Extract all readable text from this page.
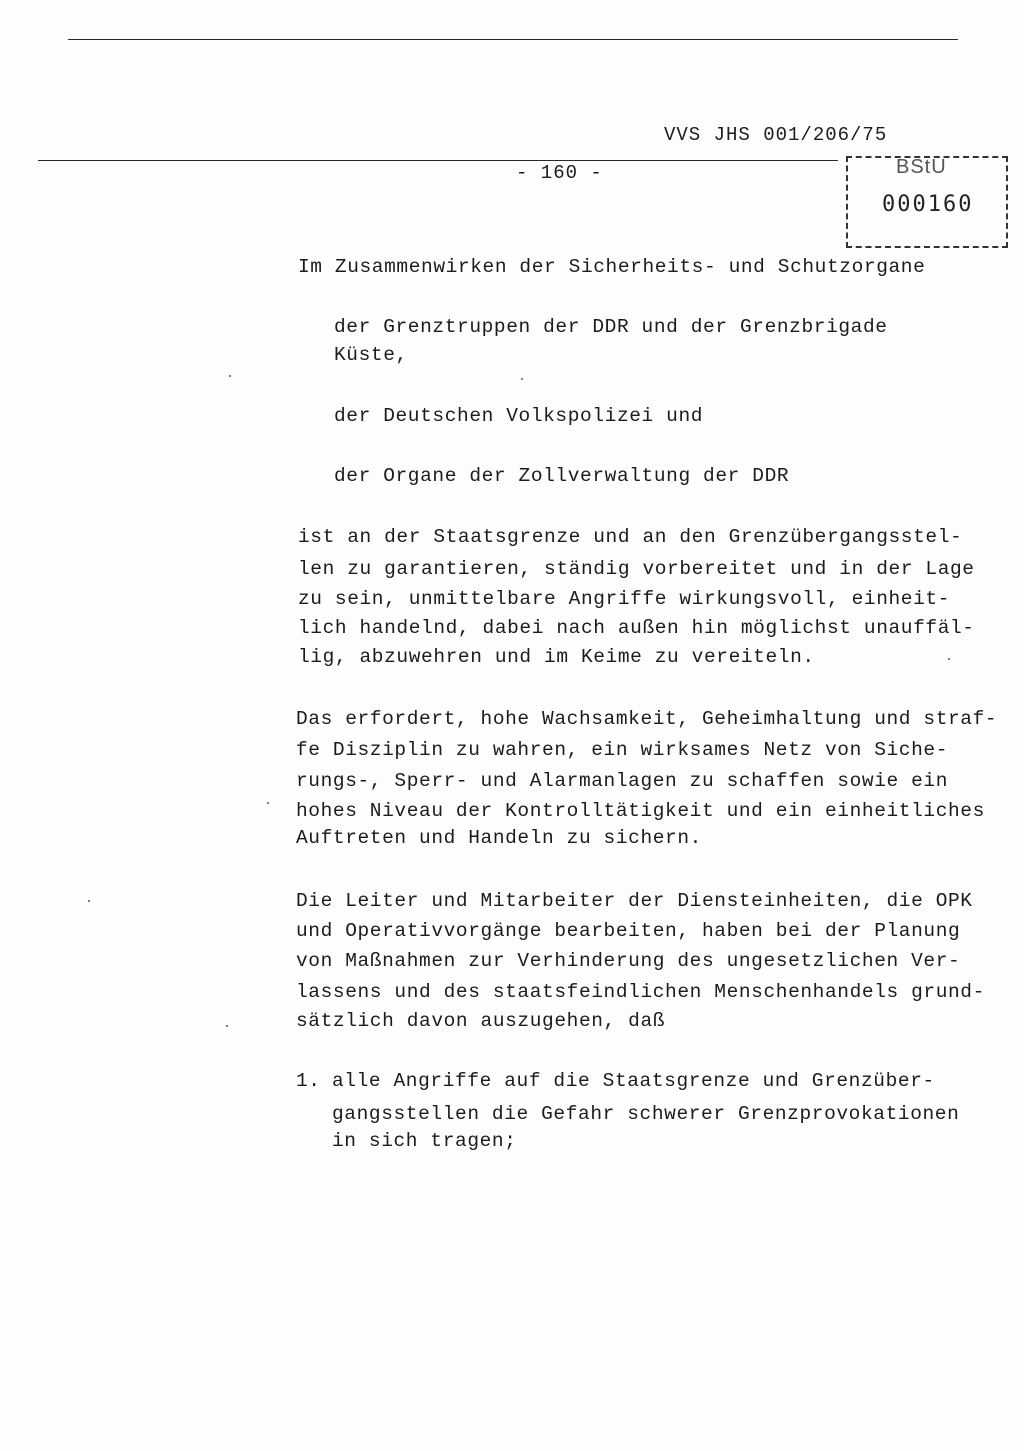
VVS JHS 001/206/75
- 160 -	BStU
000160
Im Zusammenwirken der Sicherheits- und Schutzorgane
der Grenztruppen der DDR und der Grenzbrigade
Küste,
der Deutschen Volkspolizei und
der Organe der Zollverwaltung der DDR
ist an der Staatsgrenze und an den Grenzübergangsstel-
len zu garantieren, ständig vorbereitet und in der Lage
zu sein, unmittelbare Angriffe wirkungsvoll, einheit-
lich handelnd, dabei nach außen hin möglichst unauffäl-
lig, abzuwehren und im Keime zu vereiteln.
Das erfordert, hohe Wachsamkeit, Geheimhaltung und straf-
fe Disziplin zu wahren, ein wirksames Netz von Siche-
rungs-, Sperr- und Alarmanlagen zu schaffen sowie ein
hohes Niveau der Kontrolltätigkeit und ein einheitliches
Auftreten und Handeln zu sichern.
Die Leiter und Mitarbeiter der Diensteinheiten, die OPK
und Operativvorgänge bearbeiten, haben bei der Planung
von Maßnahmen zur Verhinderung des ungesetzlichen Ver-
lassens und des staatsfeindlichen Menschenhandels grund-
sätzlich davon auszugehen, daß
1. alle Angriffe auf die Staatsgrenze und Grenzüber-
gangsstellen die Gefahr schwerer Grenzprovokationen
in sich tragen;
